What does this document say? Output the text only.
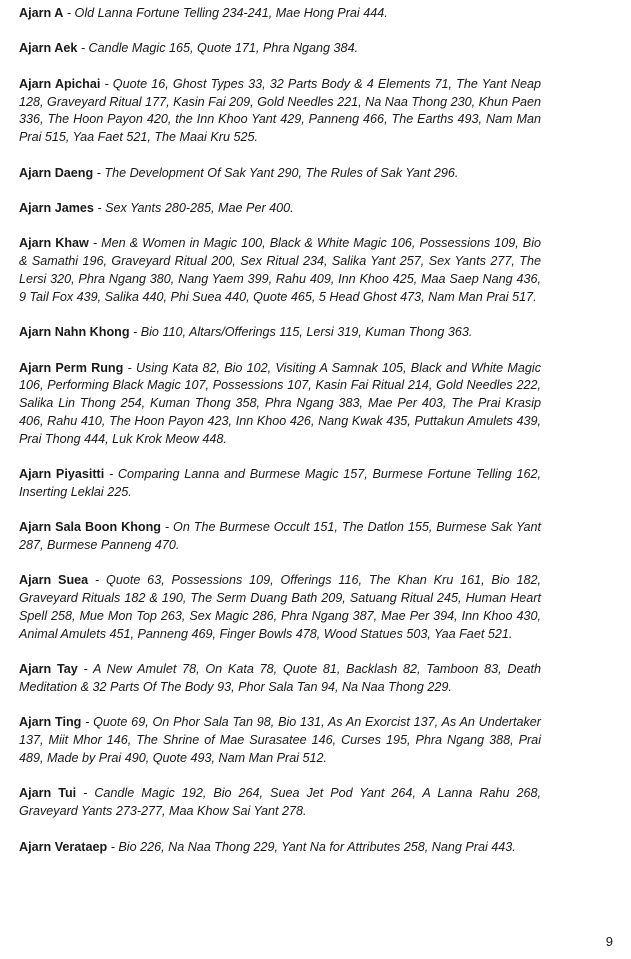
Ajarn A - Old Lanna Fortune Telling 234-241, Mae Hong Prai 444.

Ajarn Aek - Candle Magic 165, Quote 171, Phra Ngang 384.

Ajarn Apichai - Quote 16, Ghost Types 33, 32 Parts Body & 4 Elements 71, The Yant Neap 128, Graveyard Ritual 177, Kasin Fai 209, Gold Needles 221, Na Naa Thong 230, Khun Paen 336, The Hoon Payon 420, the Inn Khoo Yant 429, Panneng 466, The Earths 493, Nam Man Prai 515, Yaa Faet 521, The Maai Kru 525.

Ajarn Daeng - The Development Of Sak Yant 290, The Rules of Sak Yant 296.

Ajarn James - Sex Yants 280-285, Mae Per 400.

Ajarn Khaw - Men & Women in Magic 100, Black & White Magic 106, Possessions 109, Bio & Samathi 196, Graveyard Ritual 200, Sex Ritual 234, Salika Yant 257, Sex Yants 277, The Lersi 320, Phra Ngang 380, Nang Yaem 399, Rahu 409, Inn Khoo 425, Maa Saep Nang 436, 9 Tail Fox 439, Salika 440, Phi Suea 440, Quote 465, 5 Head Ghost 473, Nam Man Prai 517.

Ajarn Nahn Khong - Bio 110, Altars/Offerings 115, Lersi 319, Kuman Thong 363.

Ajarn Perm Rung - Using Kata 82, Bio 102, Visiting A Samnak 105, Black and White Magic 106, Performing Black Magic 107, Possessions 107, Kasin Fai Ritual 214, Gold Needles 222, Salika Lin Thong 254, Kuman Thong 358, Phra Ngang 383, Mae Per 403, The Prai Krasip 406, Rahu 410, The Hoon Payon 423, Inn Khoo 426, Nang Kwak 435, Puttakun Amulets 439, Prai Thong 444, Luk Krok Meow 448.

Ajarn Piyasitti - Comparing Lanna and Burmese Magic 157, Burmese Fortune Telling 162, Inserting Leklai 225.

Ajarn Sala Boon Khong - On The Burmese Occult 151, The Datlon 155, Burmese Sak Yant 287, Burmese Panneng 470.

Ajarn Suea - Quote 63, Possessions 109, Offerings 116, The Khan Kru 161, Bio 182, Graveyard Rituals 182 & 190, The Serm Duang Bath 209, Satuang Ritual 245, Human Heart Spell 258, Mue Mon Top 263, Sex Magic 286, Phra Ngang 387, Mae Per 394, Inn Khoo 430, Animal Amulets 451, Panneng 469, Finger Bowls 478, Wood Statues 503, Yaa Faet 521.

Ajarn Tay - A New Amulet 78, On Kata 78, Quote 81, Backlash 82, Tamboon 83, Death Meditation & 32 Parts Of The Body 93, Phor Sala Tan 94, Na Naa Thong 229.

Ajarn Ting - Quote 69, On Phor Sala Tan 98, Bio 131, As An Exorcist 137, As An Undertaker 137, Miit Mhor 146, The Shrine of Mae Surasatee 146, Curses 195, Phra Ngang 388, Prai 489, Made by Prai 490, Quote 493, Nam Man Prai 512.

Ajarn Tui - Candle Magic 192, Bio 264, Suea Jet Pod Yant 264, A Lanna Rahu 268, Graveyard Yants 273-277, Maa Khow Sai Yant 278.

Ajarn Verataep - Bio 226, Na Naa Thong 229, Yant Na for Attributes 258, Nang Prai 443.

9
